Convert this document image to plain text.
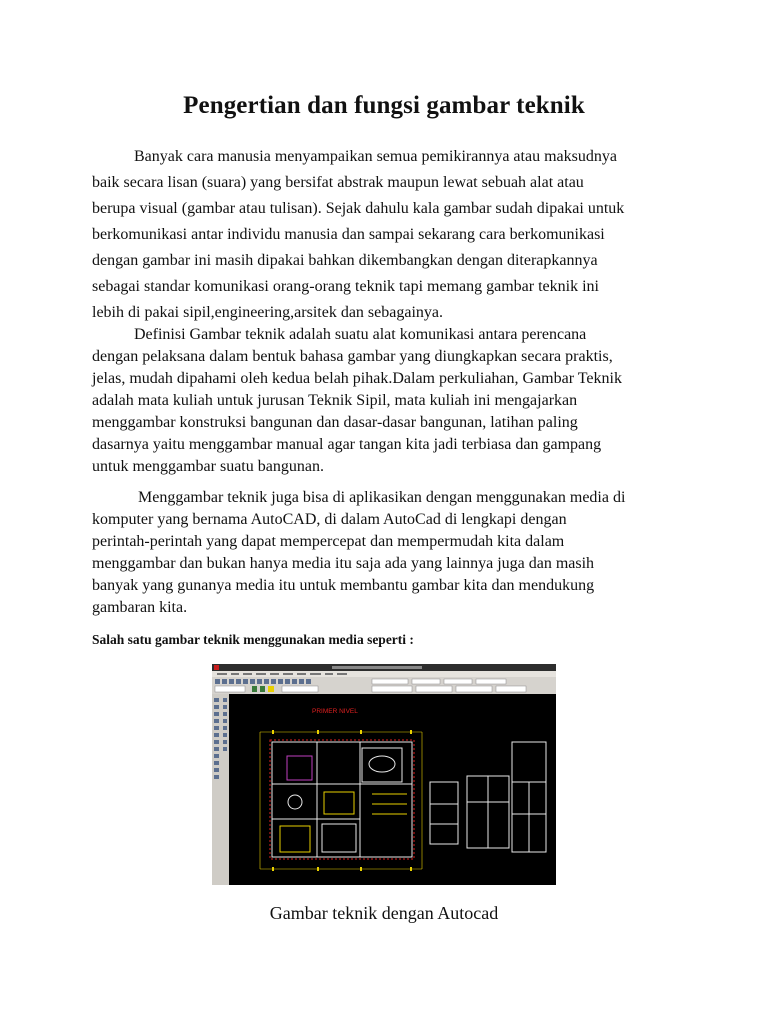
Pengertian dan fungsi gambar teknik
Banyak cara manusia menyampaikan semua pemikirannya atau maksudnya
baik secara lisan (suara) yang bersifat abstrak maupun lewat sebuah alat atau
berupa visual (gambar atau tulisan). Sejak dahulu kala gambar sudah dipakai untuk
berkomunikasi antar individu manusia dan sampai sekarang cara berkomunikasi
dengan gambar ini masih dipakai bahkan dikembangkan dengan diterapkannya
sebagai standar komunikasi orang-orang teknik tapi memang gambar teknik ini
lebih di pakai sipil,engineering,arsitek dan sebagainya.
Definisi Gambar teknik adalah suatu alat komunikasi antara perencana
dengan pelaksana dalam bentuk bahasa gambar yang diungkapkan secara praktis,
jelas, mudah dipahami oleh kedua belah pihak.Dalam perkuliahan, Gambar Teknik
adalah mata kuliah untuk jurusan Teknik Sipil, mata kuliah ini mengajarkan
menggambar konstruksi bangunan dan dasar-dasar bangunan, latihan paling
dasarnya yaitu menggambar manual agar tangan kita jadi terbiasa dan gampang
untuk menggambar suatu bangunan.
Menggambar teknik juga bisa di aplikasikan dengan menggunakan media di
komputer yang bernama AutoCAD, di dalam AutoCad di lengkapi dengan
perintah-perintah yang dapat mempercepat dan mempermudah kita dalam
menggambar dan bukan hanya media itu saja ada yang lainnya juga dan masih
banyak yang gunanya media itu untuk membantu gambar kita dan mendukung
gambaran kita.

Salah satu gambar teknik menggunakan media seperti :

PRIMER NIVEL

Gambar teknik dengan Autocad
